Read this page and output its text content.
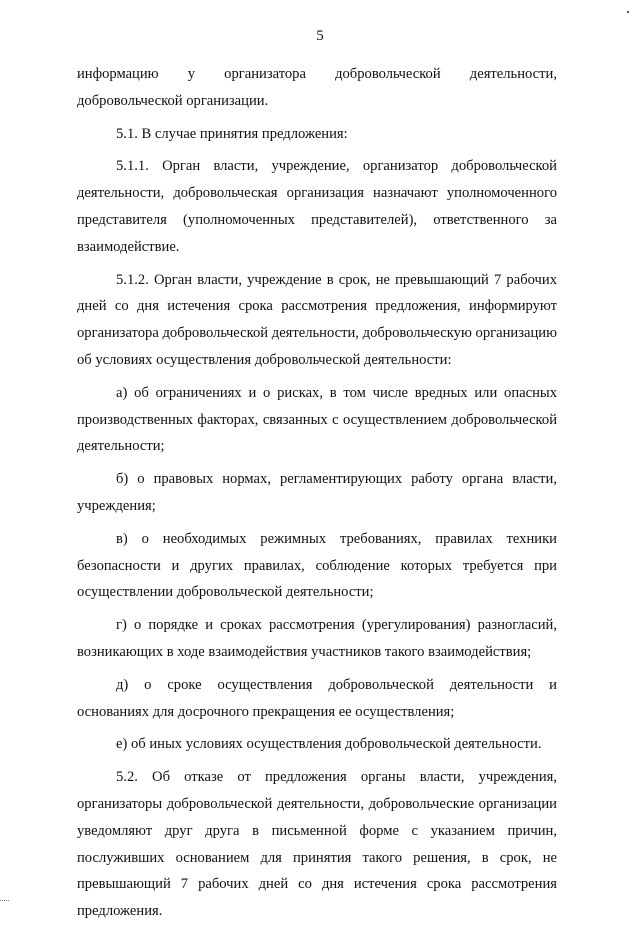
5

информацию у организатора добровольческой деятельности, добровольческой организации.

5.1. В случае принятия предложения:

5.1.1. Орган власти, учреждение, организатор добровольческой деятельности, добровольческая организация назначают уполномоченного представителя (уполномоченных представителей), ответственного за взаимодействие.

5.1.2. Орган власти, учреждение в срок, не превышающий 7 рабочих дней со дня истечения срока рассмотрения предложения, информируют организатора добровольческой деятельности, добровольческую организацию об условиях осуществления добровольческой деятельности:

а) об ограничениях и о рисках, в том числе вредных или опасных производственных факторах, связанных с осуществлением добровольческой деятельности;

б) о правовых нормах, регламентирующих работу органа власти, учреждения;

в) о необходимых режимных требованиях, правилах техники безопасности и других правилах, соблюдение которых требуется при осуществлении добровольческой деятельности;

г) о порядке и сроках рассмотрения (урегулирования) разногласий, возникающих в ходе взаимодействия участников такого взаимодействия;

д) о сроке осуществления добровольческой деятельности и основаниях для досрочного прекращения ее осуществления;

е) об иных условиях осуществления добровольческой деятельности.

5.2. Об отказе от предложения органы власти, учреждения, организаторы добровольческой деятельности, добровольческие организации уведомляют друг друга в письменной форме с указанием причин, послуживших основанием для принятия такого решения, в срок, не превышающий 7 рабочих дней со дня истечения срока рассмотрения предложения.
